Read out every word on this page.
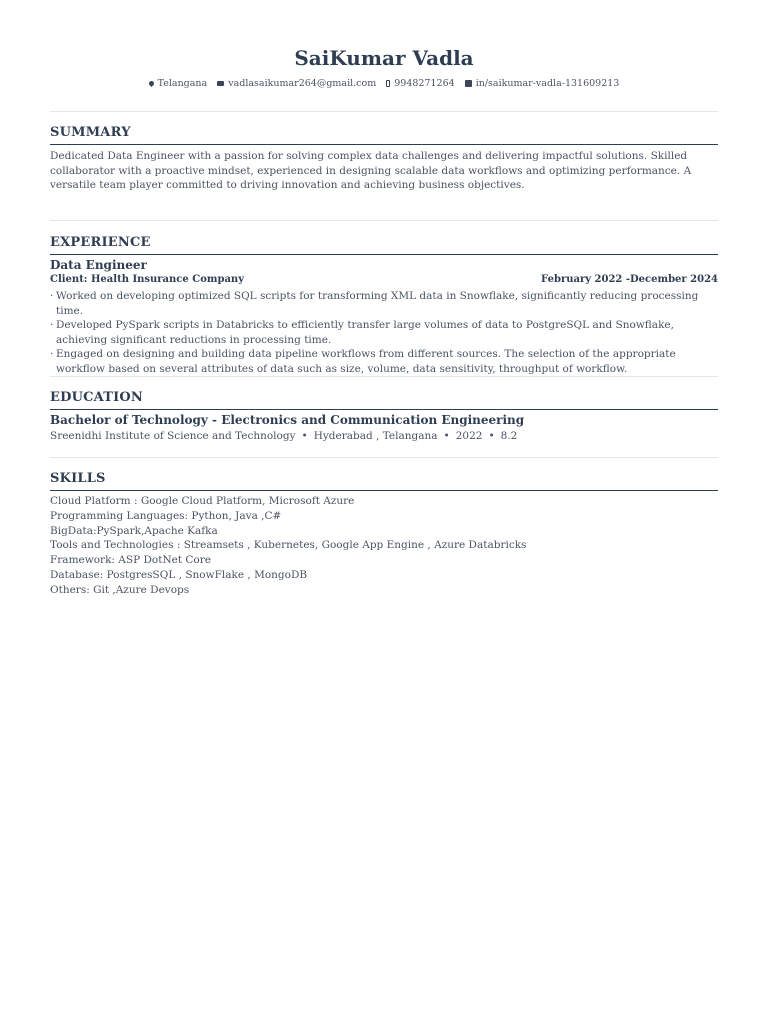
SaiKumar Vadla
Telangana vadlasaikumar264@gmail.com 9948271264 in/saikumar-vadla-131609213
SUMMARY
Dedicated Data Engineer with a passion for solving complex data challenges and delivering impactful solutions. Skilled collaborator with a proactive mindset, experienced in designing scalable data workflows and optimizing performance. A versatile team player committed to driving innovation and achieving business objectives.
EXPERIENCE
Data Engineer
Client: Health Insurance Company	February 2022 -December 2024
· Worked on developing optimized SQL scripts for transforming XML data in Snowflake, significantly reducing processing time.
· Developed PySpark scripts in Databricks to efficiently transfer large volumes of data to PostgreSQL and Snowflake, achieving significant reductions in processing time.
· Engaged on designing and building data pipeline workflows from different sources. The selection of the appropriate workflow based on several attributes of data such as size, volume, data sensitivity, throughput of workflow.
EDUCATION
Bachelor of Technology - Electronics and Communication Engineering
Sreenidhi Institute of Science and Technology • Hyderabad , Telangana • 2022 • 8.2
SKILLS
Cloud Platform : Google Cloud Platform, Microsoft Azure
Programming Languages: Python, Java ,C#
BigData:PySpark,Apache Kafka
Tools and Technologies : Streamsets , Kubernetes, Google App Engine , Azure Databricks
Framework: ASP DotNet Core
Database: PostgresSQL , SnowFlake , MongoDB
Others: Git ,Azure Devops
